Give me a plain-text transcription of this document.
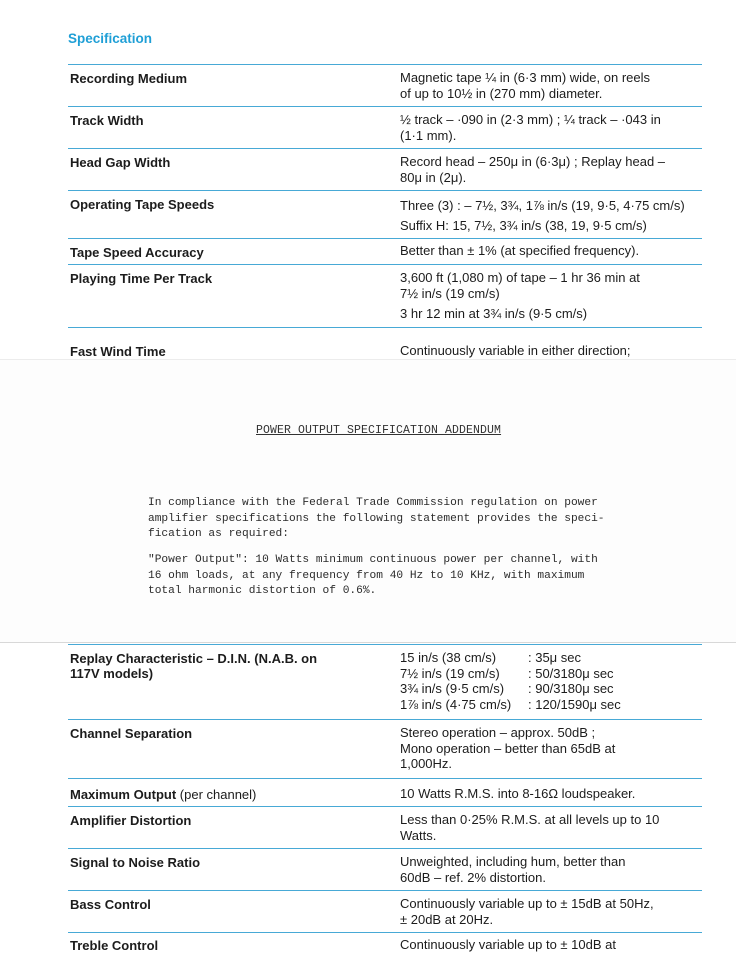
Specification
Recording Medium	Magnetic tape ¼ in (6·3 mm) wide, on reels
of up to 10½ in (270 mm) diameter.
Track Width	½ track – ·090 in (2·3 mm) ; ¼ track – ·043 in
(1·1 mm).
Head Gap Width	Record head – 250μ in (6·3μ) ; Replay head –
80μ in (2μ).
Operating Tape Speeds	Three (3) : – 7½, 3¾, 1⅞ in/s (19, 9·5, 4·75 cm/s)
Suffix H: 15, 7½, 3¾ in/s (38, 19, 9·5 cm/s)
Tape Speed Accuracy	Better than ± 1% (at specified frequency).
Playing Time Per Track	3,600 ft (1,080 m) of tape – 1 hr 36 min at
7½ in/s (19 cm/s)
3 hr 12 min at 3¾ in/s (9·5 cm/s)
Fast Wind Time	Continuously variable in either direction;
POWER OUTPUT SPECIFICATION ADDENDUM

In compliance with the Federal Trade Commission regulation on power
amplifier specifications the following statement provides the speci-
fication as required:

"Power Output": 10 Watts minimum continuous power per channel, with
16 ohm loads, at any frequency from 40 Hz to 10 KHz, with maximum
total harmonic distortion of 0.6%.

Replay Characteristic – D.I.N. (N.A.B. on
117V models)
15 in/s (38 cm/s) : 35μ sec
7½ in/s (19 cm/s) : 50/3180μ sec
3¾ in/s (9·5 cm/s) : 90/3180μ sec
1⅞ in/s (4·75 cm/s) : 120/1590μ sec
Channel Separation	Stereo operation – approx. 50dB ;
Mono operation – better than 65dB at
1,000Hz.
Maximum Output (per channel)	10 Watts R.M.S. into 8-16Ω loudspeaker.
Amplifier Distortion	Less than 0·25% R.M.S. at all levels up to 10
Watts.
Signal to Noise Ratio	Unweighted, including hum, better than
60dB – ref. 2% distortion.
Bass Control	Continuously variable up to ± 15dB at 50Hz,
± 20dB at 20Hz.
Treble Control	Continuously variable up to ± 10dB at
